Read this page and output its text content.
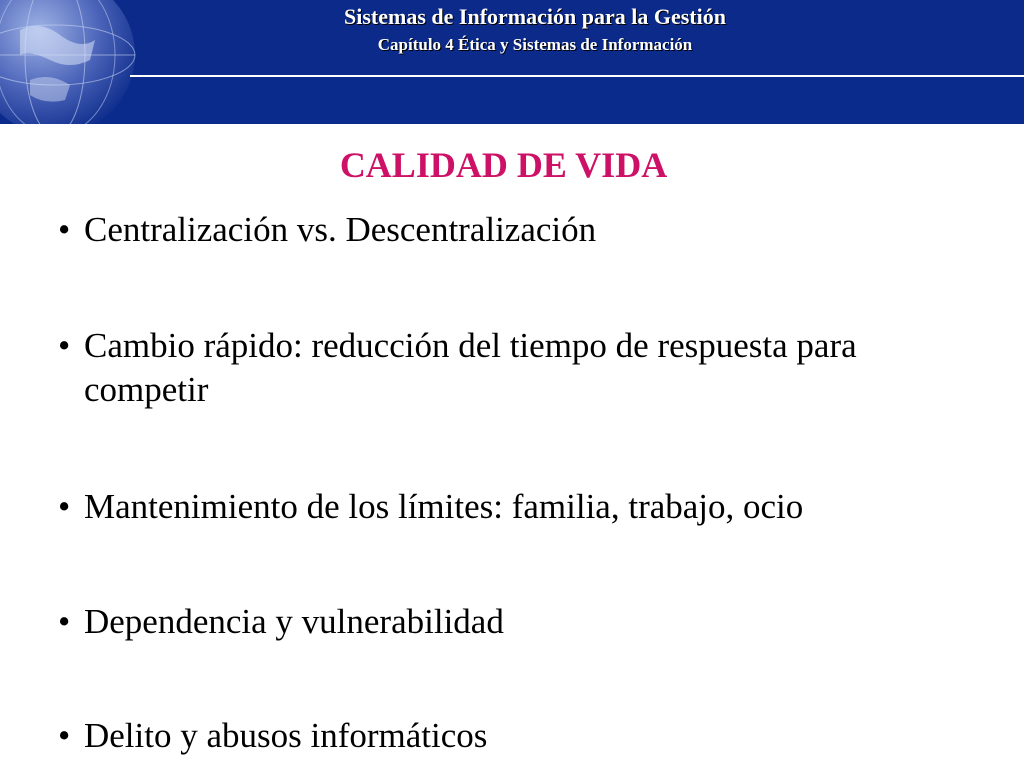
Sistemas de Información para la Gestión
Capítulo 4 Ética y Sistemas de Información
CALIDAD DE VIDA
• Centralización vs. Descentralización
• Cambio rápido: reducción del tiempo de respuesta para competir
• Mantenimiento de los límites: familia, trabajo, ocio
• Dependencia y vulnerabilidad
• Delito y abusos informáticos
